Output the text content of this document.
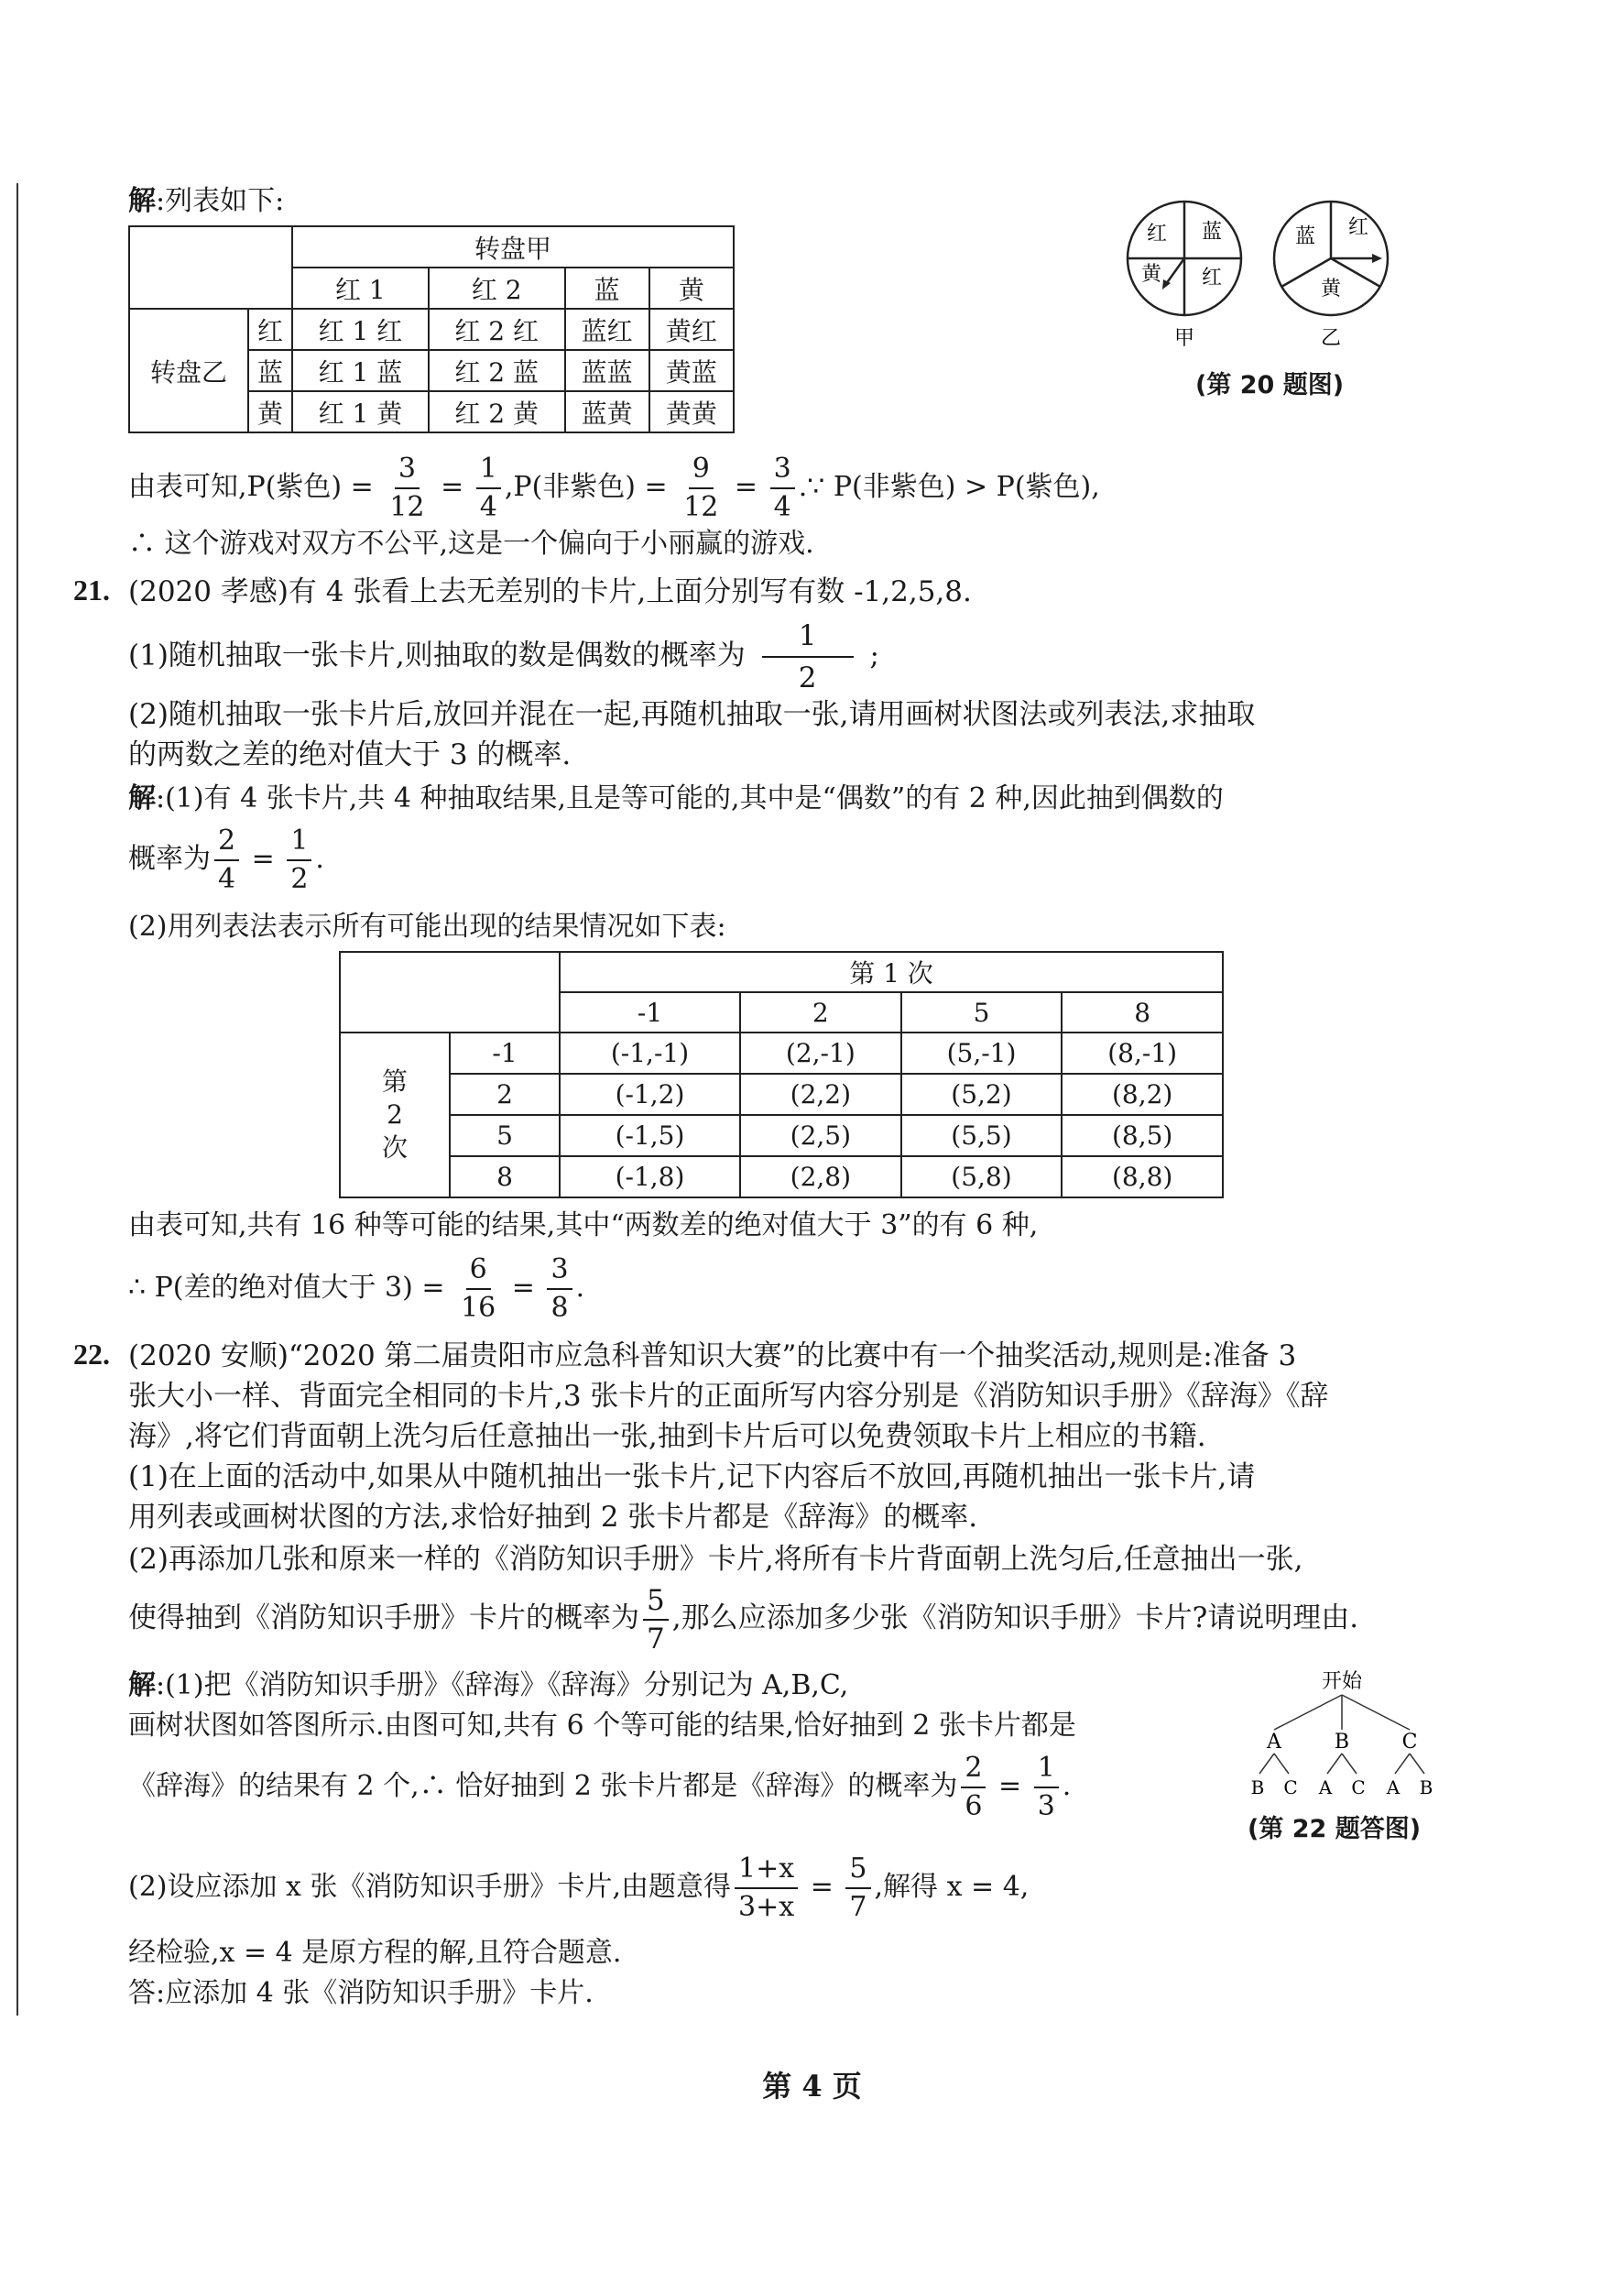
解:列表如下:
		转盘甲			
		红 1	红 2	蓝	黄
转盘乙	红	红 1 红	红 2 红	蓝红	黄红
	蓝	红 1 蓝	红 2 蓝	蓝蓝	黄蓝
	黄	红 1 黄	红 2 黄	蓝黄	黄黄
红 蓝
黄 红
甲
蓝 红
黄
乙
(第 20 题图)
由表可知,P(紫色) = $\frac{3}{12} = \frac{1}{4} ,P$(非紫色) = $\frac{9}{12} = \frac{3}{4}$ .∵ P(非紫色) > P(紫色),
∴ 这个游戏对双方不公平,这是一个偏向于小丽赢的游戏.
21. (2020 孝感)有 4 张看上去无差别的卡片,上面分别写有数 -1,2,5,8.
(1)随机抽取一张卡片,则抽取的数是偶数的概率为 $\frac{1}{2}$ ;
(2)随机抽取一张卡片后,放回并混在一起,再随机抽取一张,请用画树状图法或列表法,求抽取
的两数之差的绝对值大于 3 的概率.
解:(1)有 4 张卡片,共 4 种抽取结果,且是等可能的,其中是“偶数”的有 2 种,因此抽到偶数的
概率为 $\frac{2}{4} = \frac{1}{2}$ .
(2)用列表法表示所有可能出现的结果情况如下表:
		第 1 次			
		-1	2	5	8

第
2
次	-1	(-1,-1)	(2,-1)	(5,-1)	(8,-1)
	2	(-1,2)	(2,2)	(5,2)	(8,2)
	5	(-1,5)	(2,5)	(5,5)	(8,5)
	8	(-1,8)	(2,8)	(5,8)	(8,8)
由表可知,共有 16 种等可能的结果,其中“两数差的绝对值大于 3”的有 6 种,
∴ P(差的绝对值大于 $3) = \frac{6}{16} = \frac{3}{8}$ .
22. (2020 安顺)“2020 第二届贵阳市应急科普知识大赛”的比赛中有一个抽奖活动,规则是:准备 3
张大小一样、背面完全相同的卡片,3 张卡片的正面所写内容分别是《消防知识手册》《辞海》《辞
海》,将它们背面朝上洗匀后任意抽出一张,抽到卡片后可以免费领取卡片上相应的书籍.
(1)在上面的活动中,如果从中随机抽出一张卡片,记下内容后不放回,再随机抽出一张卡片,请
用列表或画树状图的方法,求恰好抽到 2 张卡片都是《辞海》的概率.
(2)再添加几张和原来一样的《消防知识手册》卡片,将所有卡片背面朝上洗匀后,任意抽出一张,
使得抽到《消防知识手册》卡片的概率为 $\frac{5}{7}$ ,那么应添加多少张《消防知识手册》卡片?请说明理由.
解:(1)把《消防知识手册》《辞海》《辞海》分别记为 A,B,C,
画树状图如答图所示.由图可知,共有 6 个等可能的结果,恰好抽到 2 张卡片都是
《辞海》的结果有 2 个,∴ 恰好抽到 2 张卡片都是《辞海》的概率为 $\frac{2}{6} = \frac{1}{3}$ .
开始
A	B	C
B C A C A B
(第 22 题答图)
(2)设应添加 x 张《消防知识手册》卡片,由题意得 $\frac{1+x}{3+x} = \frac{5}{7}$ ,解得 x = 4,
经检验,x = 4 是原方程的解,且符合题意.
答:应添加 4 张《消防知识手册》卡片.
第 4 页
